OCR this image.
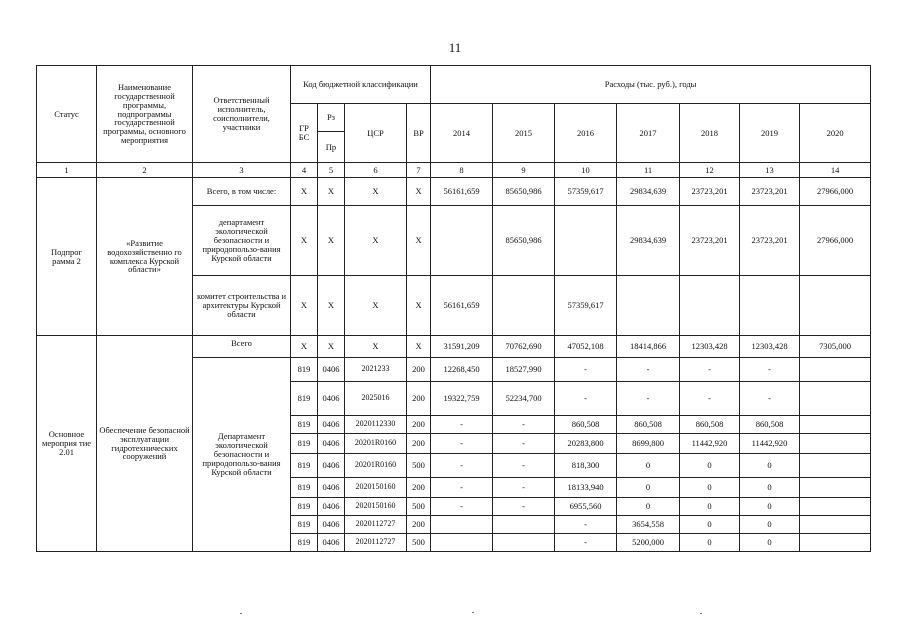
11
Статус	Наименование государственной программы, подпрограммы государственной программы, основного мероприятия	Ответственный исполнитель, соисполнители, участники	Код бюджетной классификации				Расходы (тыс. руб.), годы						
			ГР БС	Рз	ЦСР	ВР	2014	2015	2016	2017	2018	2019	2020
				Пр									
1	2	3	4	5	6	7	8	9	10	11	12	13	14
Подпрог рамма 2	«Развитие водохозяйственно го комплекса Курской области»	Всего, в том числе:	X	X	X	X	56161,659	85650,986	57359,617	29834,639	23723,201	23723,201	27966,000
		департамент экологической безопасности и природопользо-вания Курской области	X	X	X	X		85650,986		29834,639	23723,201	23723,201	27966,000
		комитет строительства и архитектуры Курской области	X	X	X	X	56161,659		57359,617				
Основное мероприя тие 2.01	Обеспечение безопасной эксплуатации гидротехнических сооружений	Всего	X	X	X	X	31591,209	70762,690	47052,108	18414,866	12303,428	12303,428	7305,000
		Департамент экологической безопасности и природопользо-вания Курской области	819	0406	2021233	200	12268,450	18527,990	-	-	-	-	
			819	0406	2025016	200	19322,759	52234,700	-	-	-	-	
			819	0406	2020112330	200	-	-	860,508	860,508	860,508	860,508	
			819	0406	20201R0160	200	-	-	20283,800	8699,800	11442,920	11442,920	
			819	0406	20201R0160	500	-	-	818,300	0	0	0	
			819	0406	2020150160	200	-	-	18133,940	0	0	0	
			819	0406	2020150160	500	-	-	6955,560	0	0	0	
			819	0406	2020112727	200			-	3654,558	0	0	
			819	0406	2020112727	500			-	5200,000	0	0	
